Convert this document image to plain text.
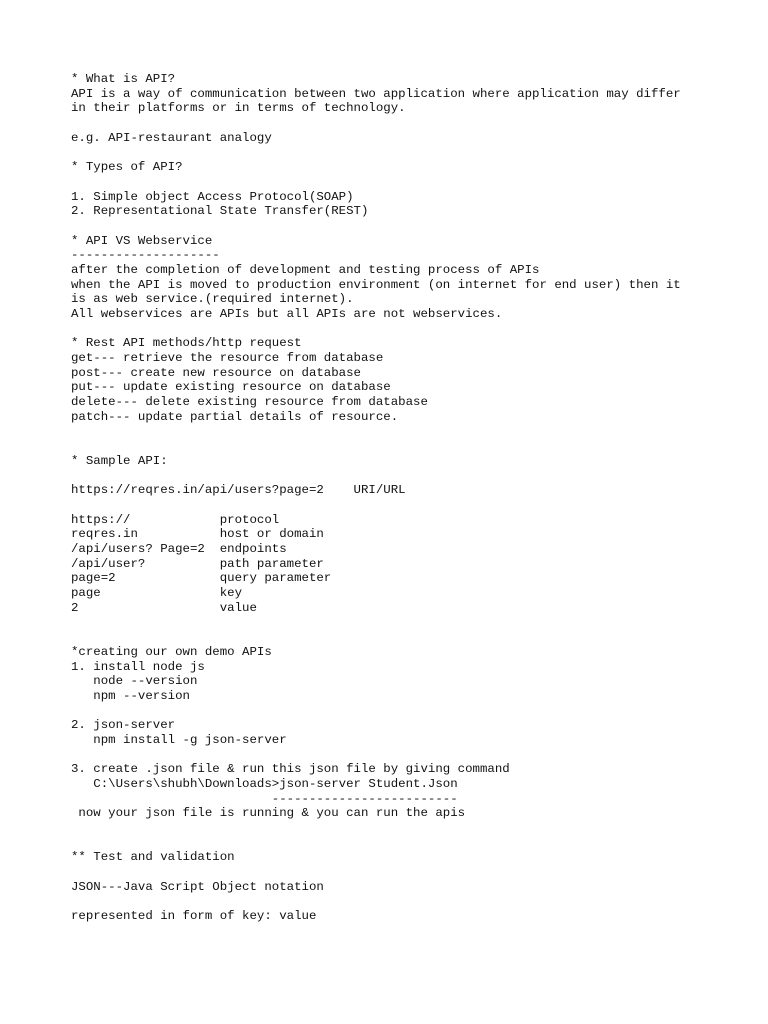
* What is API?
API is a way of communication between two application where application may differ
in their platforms or in terms of technology.
e.g. API-restaurant analogy
* Types of API?
1. Simple object Access Protocol(SOAP)
2. Representational State Transfer(REST)
* API VS Webservice
--------------------
after the completion of development and testing process of APIs
when the API is moved to production environment (on internet for end user) then it
is as web service.(required internet).
All webservices are APIs but all APIs are not webservices.
* Rest API methods/http request
get--- retrieve the resource from database
post--- create new resource on database
put--- update existing resource on database
delete--- delete existing resource from database
patch--- update partial details of resource.
* Sample API:
https://reqres.in/api/users?page=2    URI/URL
https://            protocol
reqres.in           host or domain
/api/users? Page=2  endpoints
/api/user?          path parameter
page=2              query parameter
page                key
2                   value
*creating our own demo APIs
1. install node js
node --version
npm --version
2. json-server
npm install -g json-server
3. create .json file & run this json file by giving command
C:\Users\shubh\Downloads>json-server Student.Json
-------------------------
now your json file is running & you can run the apis
** Test and validation
JSON---Java Script Object notation
represented in form of key: value
